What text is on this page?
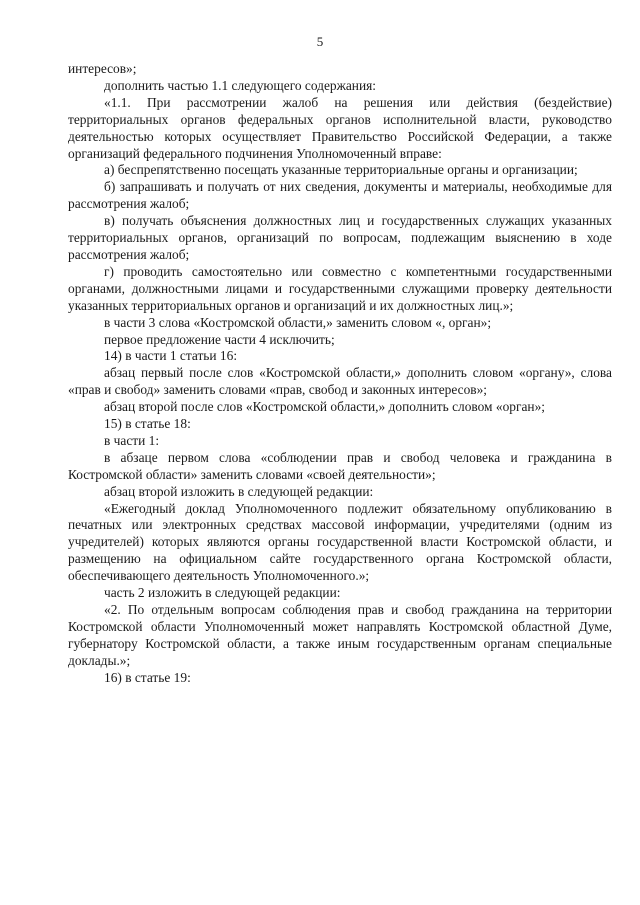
5

интересов»;

дополнить частью 1.1 следующего содержания:

«1.1. При рассмотрении жалоб на решения или действия (бездействие) территориальных органов федеральных органов исполнительной власти, руководство деятельностью которых осуществляет Правительство Российской Федерации, а также организаций федерального подчинения Уполномоченный вправе:

а) беспрепятственно посещать указанные территориальные органы и организации;

б) запрашивать и получать от них сведения, документы и материалы, необходимые для рассмотрения жалоб;

в) получать объяснения должностных лиц и государственных служащих указанных территориальных органов, организаций по вопросам, подлежащим выяснению в ходе рассмотрения жалоб;

г) проводить самостоятельно или совместно с компетентными государственными органами, должностными лицами и государственными служащими проверку деятельности указанных территориальных органов и организаций и их должностных лиц.»;

в части 3 слова «Костромской области,» заменить словом «, орган»;

первое предложение части 4 исключить;

14) в части 1 статьи 16:

абзац первый после слов «Костромской области,» дополнить словом «органу», слова «прав и свобод» заменить словами «прав, свобод и законных интересов»;

абзац второй после слов «Костромской области,» дополнить словом «орган»;

15) в статье 18:

в части 1:

в абзаце первом слова «соблюдении прав и свобод человека и гражданина в Костромской области» заменить словами «своей деятельности»;

абзац второй изложить в следующей редакции:

«Ежегодный доклад Уполномоченного подлежит обязательному опубликованию в печатных или электронных средствах массовой информации, учредителями (одним из учредителей) которых являются органы государственной власти Костромской области, и размещению на официальном сайте государственного органа Костромской области, обеспечивающего деятельность Уполномоченного.»;

часть 2 изложить в следующей редакции:

«2. По отдельным вопросам соблюдения прав и свобод гражданина на территории Костромской области Уполномоченный может направлять Костромской областной Думе, губернатору Костромской области, а также иным государственным органам специальные доклады.»;

16) в статье 19:
